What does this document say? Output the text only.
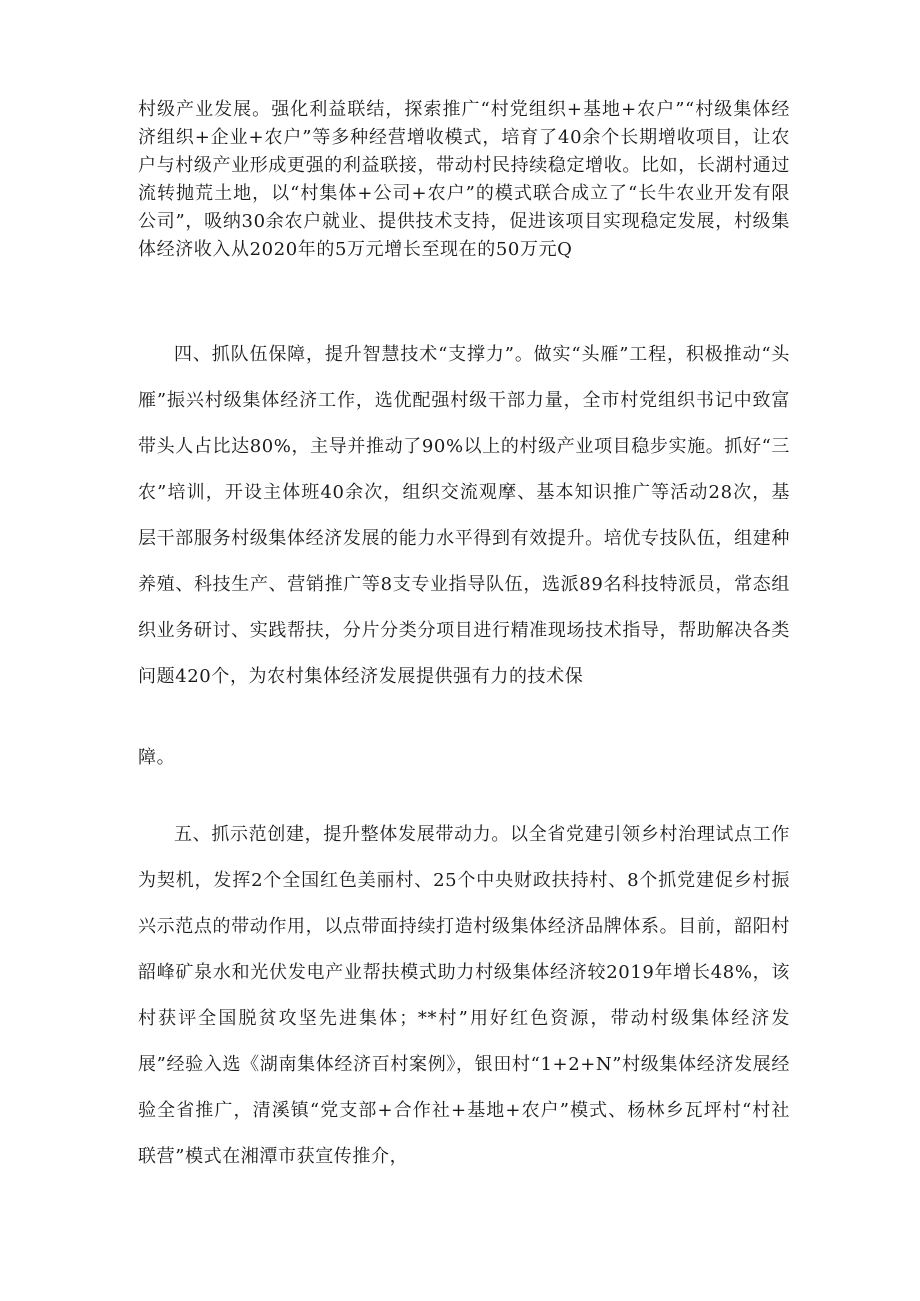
村级产业发展。强化利益联结，探索推广“村党组织+基地+农户”“村级集体经济组织+企业+农户”等多种经营增收模式，培育了40余个长期增收项目，让农户与村级产业形成更强的利益联接，带动村民持续稳定增收。比如，长湖村通过流转抛荒土地，以“村集体+公司+农户”的模式联合成立了“长牛农业开发有限公司”，吸纳30余农户就业、提供技术支持，促进该项目实现稳定发展，村级集体经济收入从2020年的5万元增长至现在的50万元Q

四、抓队伍保障，提升智慧技术“支撑力”。做实“头雁”工程，积极推动“头雁”振兴村级集体经济工作，选优配强村级干部力量，全市村党组织书记中致富带头人占比达80%，主导并推动了90%以上的村级产业项目稳步实施。抓好“三农”培训，开设主体班40余次，组织交流观摩、基本知识推广等活动28次，基层干部服务村级集体经济发展的能力水平得到有效提升。培优专技队伍，组建种养殖、科技生产、营销推广等8支专业指导队伍，选派89名科技特派员，常态组织业务研讨、实践帮扶，分片分类分项目进行精准现场技术指导，帮助解决各类问题420个，为农村集体经济发展提供强有力的技术保

障。

五、抓示范创建，提升整体发展带动力。以全省党建引领乡村治理试点工作为契机，发挥2个全国红色美丽村、25个中央财政扶持村、8个抓党建促乡村振兴示范点的带动作用，以点带面持续打造村级集体经济品牌体系。目前，韶阳村韶峰矿泉水和光伏发电产业帮扶模式助力村级集体经济较2019年增长48%，该村获评全国脱贫攻坚先进集体；**村”用好红色资源，带动村级集体经济发展”经验入选《湖南集体经济百村案例》，银田村“1+2+N”村级集体经济发展经验全省推广，清溪镇“党支部+合作社+基地+农户”模式、杨林乡瓦坪村“村社联营”模式在湘潭市获宣传推介，
